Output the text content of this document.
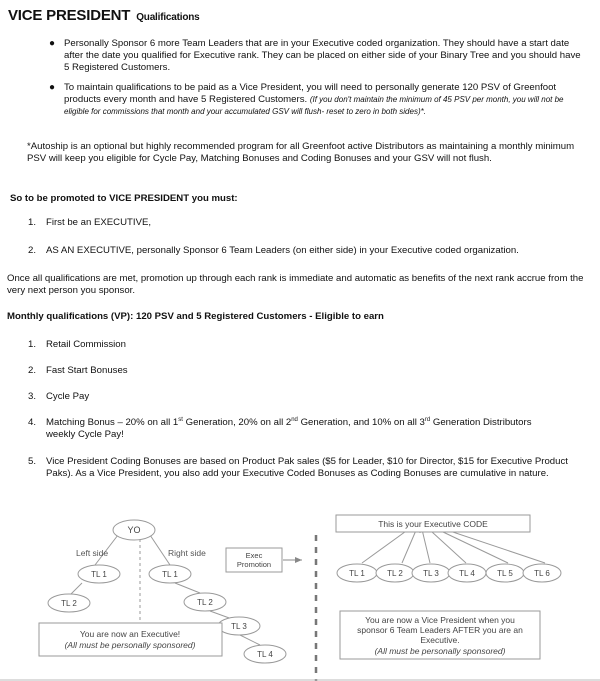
VICE PRESIDENT Qualifications
● Personally Sponsor 6 more Team Leaders that are in your Executive coded organization. They should have a start date after the date you qualified for Executive rank. They can be placed on either side of your Binary Tree and you should have 5 Registered Customers.
● To maintain qualifications to be paid as a Vice President, you will need to personally generate 120 PSV of Greenfoot products every month and have 5 Registered Customers. (If you don't maintain the minimum of 45 PSV per month, you will not be eligible for commissions that month and your accumulated GSV will flush- reset to zero in both sides)*.
*Autoship is an optional but highly recommended program for all Greenfoot active Distributors as maintaining a monthly minimum PSV will keep you eligible for Cycle Pay, Matching Bonuses and Coding Bonuses and your GSV will not flush.
So to be promoted to VICE PRESIDENT you must:
1. First be an EXECUTIVE,
2. AS AN EXECUTIVE, personally Sponsor 6 Team Leaders (on either side) in your Executive coded organization.
Once all qualifications are met, promotion up through each rank is immediate and automatic as benefits of the next rank accrue from the very next person you sponsor.
Monthly qualifications (VP): 120 PSV and 5 Registered Customers - Eligible to earn
1. Retail Commission
2. Fast Start Bonuses
3. Cycle Pay
4. Matching Bonus – 20% on all 1st Generation, 20% on all 2nd Generation, and 10% on all 3rd Generation Distributors weekly Cycle Pay!
5. Vice President Coding Bonuses are based on Product Pak sales ($5 for Leader, $10 for Director, $15 for Executive Product Paks). As a Vice President, you also add your Executive Coded Bonuses as Coding Bonuses are cumulative in nature.
YO
Left side	Right side
TL 1	TL 1
TL 2	TL 2
TL 3
TL 4
You are now an Executive!
(All must be personally sponsored)
Exec
Promotion
This is your Executive CODE
TL 1	TL 2	TL 3	TL 4	TL 5	TL 6
You are now a Vice President when you
sponsor 6 Team Leaders AFTER you are an
Executive.
(All must be personally sponsored)
